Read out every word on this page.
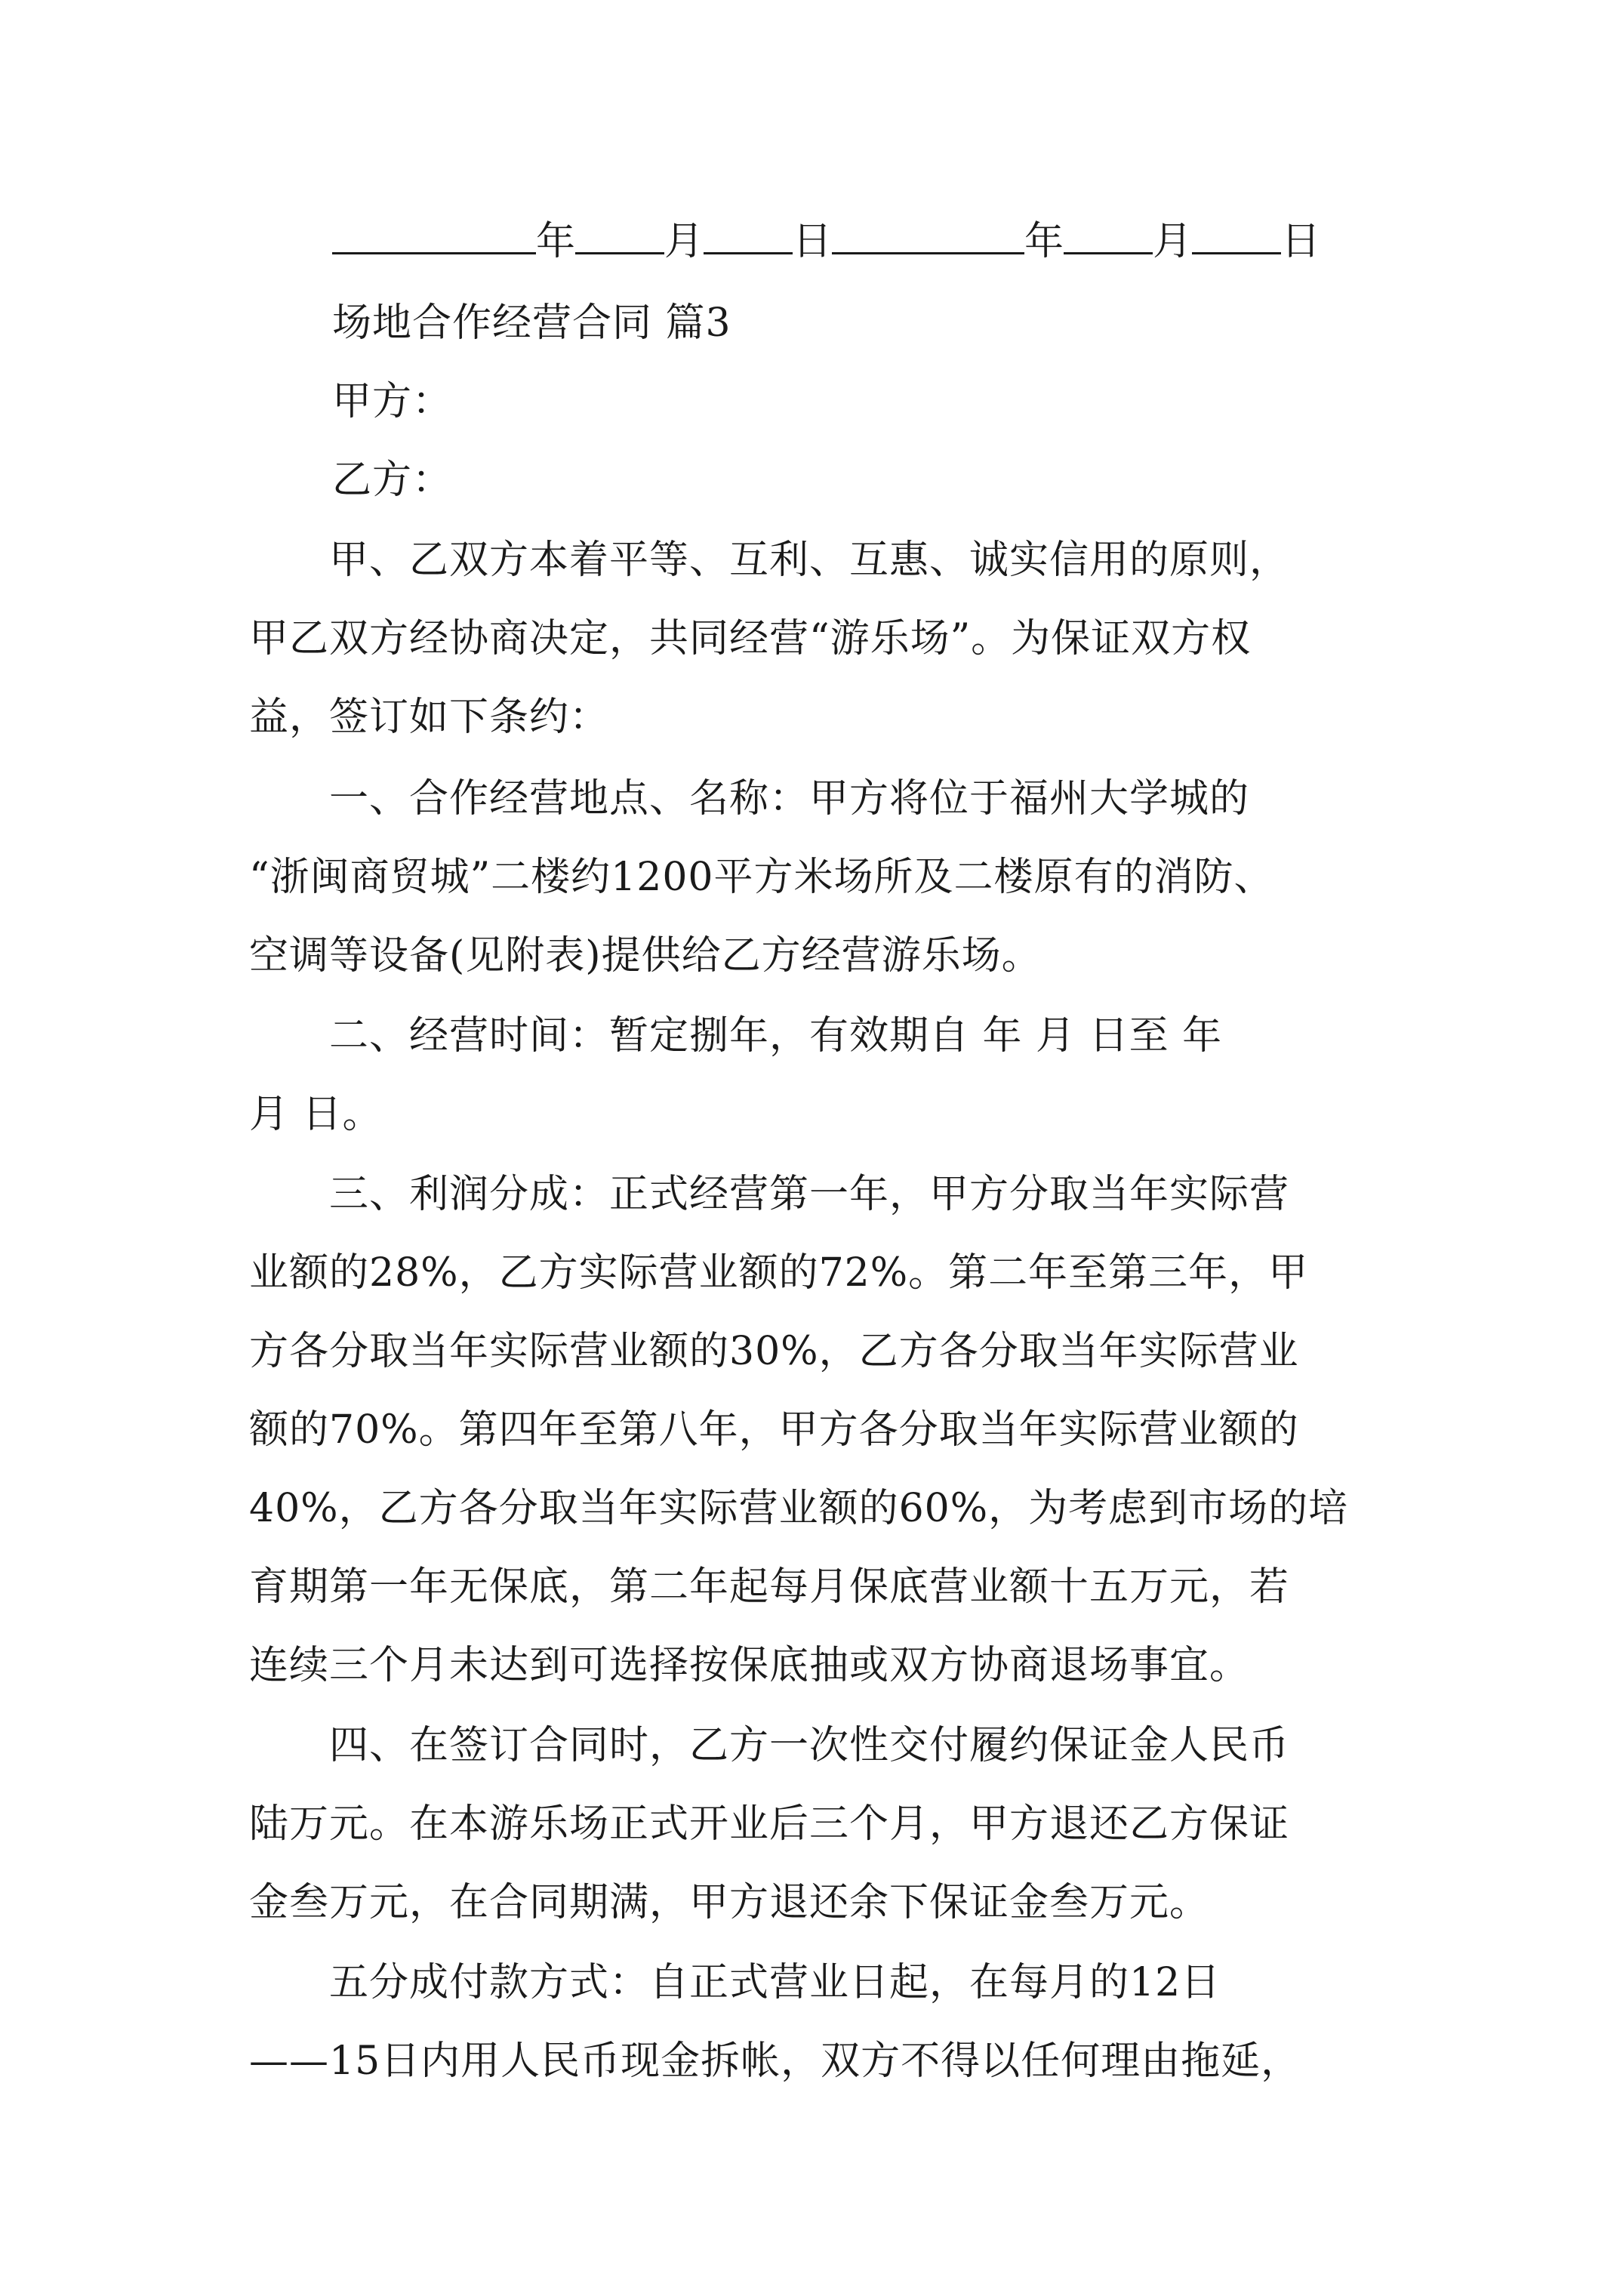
年 月 日	年 月 日
场地合作经营合同 篇3
甲方：
乙方：
　　甲、乙双方本着平等、互利、互惠、诚实信用的原则，
甲乙双方经协商决定，共同经营“游乐场”。为保证双方权
益，签订如下条约：
　　一、合作经营地点、名称：甲方将位于福州大学城的
“浙闽商贸城”二楼约1200平方米场所及二楼原有的消防、
空调等设备(见附表)提供给乙方经营游乐场。
　　二、经营时间：暂定捌年，有效期自 年 月 日至 年
月 日。
　　三、利润分成：正式经营第一年，甲方分取当年实际营
业额的28%，乙方实际营业额的72%。第二年至第三年，甲
方各分取当年实际营业额的30%，乙方各分取当年实际营业
额的70%。第四年至第八年，甲方各分取当年实际营业额的
40%，乙方各分取当年实际营业额的60%，为考虑到市场的培
育期第一年无保底，第二年起每月保底营业额十五万元，若
连续三个月未达到可选择按保底抽或双方协商退场事宜。
　　四、在签订合同时，乙方一次性交付履约保证金人民币
陆万元。在本游乐场正式开业后三个月，甲方退还乙方保证
金叁万元，在合同期满，甲方退还余下保证金叁万元。
　　五分成付款方式：自正式营业日起，在每月的12日
——15日内用人民币现金拆帐，双方不得以任何理由拖延，
